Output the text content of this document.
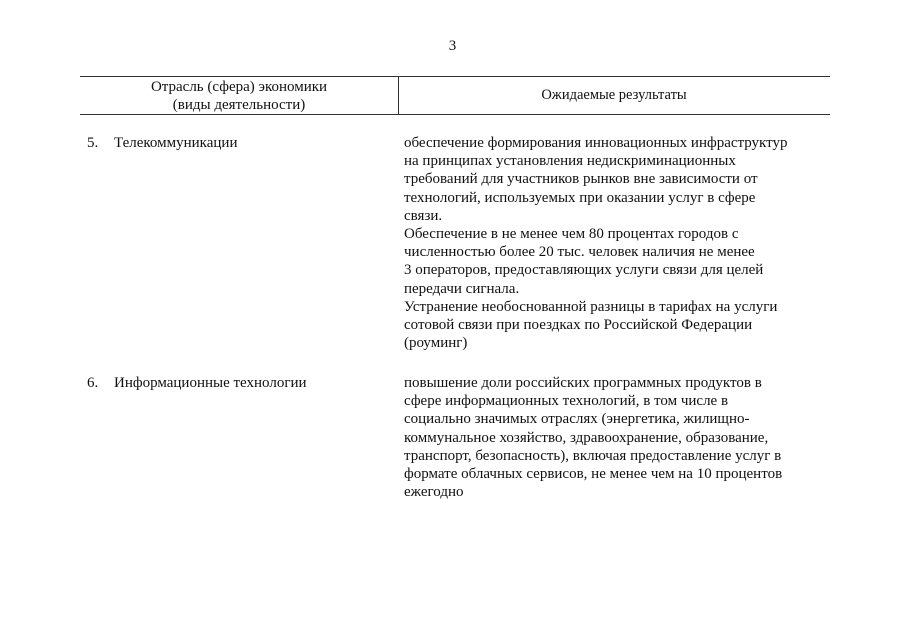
3
Отрасль (сфера) экономики
(виды деятельности)
Ожидаемые результаты
5. Телекоммуникации	обеспечение формирования инновационных инфраструктур
на принципах установления недискриминационных
требований для участников рынков вне зависимости от
технологий, используемых при оказании услуг в сфере
связи.

Обеспечение в не менее чем 80 процентах городов с
численностью более 20 тыс. человек наличия не менее
3 операторов, предоставляющих услуги связи для целей
передачи сигнала.

Устранение необоснованной разницы в тарифах на услуги
сотовой связи при поездках по Российской Федерации
(роуминг)

6. Информационные технологии	повышение доли российских программных продуктов в
сфере информационных технологий, в том числе в
социально значимых отраслях (энергетика, жилищно-
коммунальное хозяйство, здравоохранение, образование,
транспорт, безопасность), включая предоставление услуг в
формате облачных сервисов, не менее чем на 10 процентов
ежегодно
